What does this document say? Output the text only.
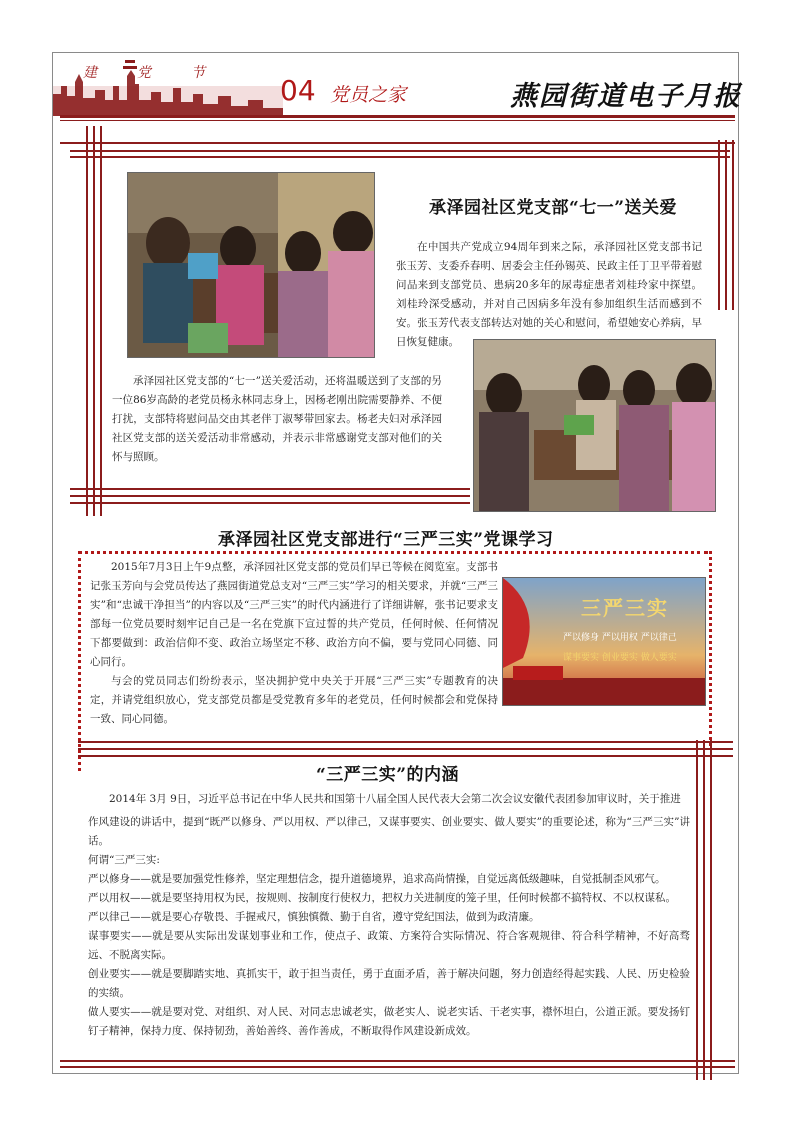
建党节
04 党员之家	燕园街道电子月报
承泽园社区党支部“七一”送关爱
在中国共产党成立94周年到来之际，承泽园社区党支部书记张玉芳、支委乔春明、居委会主任孙锡英、民政主任丁卫平带着慰问品来到支部党员、患病20多年的尿毒症患者刘桂玲家中探望。刘桂玲深受感动，并对自己因病多年没有参加组织生活而感到不安。张玉芳代表支部转达对她的关心和慰问，希望她安心养病，早日恢复健康。
承泽园社区党支部的“七一”送关爱活动，还将温暖送到了支部的另一位86岁高龄的老党员杨永林同志身上，因杨老刚出院需要静养、不便打扰，支部特将慰问品交由其老伴丁淑琴带回家去。杨老夫妇对承泽园社区党支部的送关爱活动非常感动，并表示非常感谢党支部对他们的关怀与照顾。
承泽园社区党支部进行“三严三实”党课学习
2015年7月3日上午9点整，承泽园社区党支部的党员们早已等候在阅览室。支部书记张玉芳向与会党员传达了燕园街道党总支对“三严三实”学习的相关要求，并就“三严三实”和“忠诚干净担当”的内容以及“三严三实”的时代内涵进行了详细讲解，张书记要求支部每一位党员要时刻牢记自己是一名在党旗下宣过誓的共产党员，任何时候、任何情况下都要做到：政治信仰不变、政治立场坚定不移、政治方向不偏，要与党同心同德、同心同行。
与会的党员同志们纷纷表示，坚决拥护党中央关于开展“三严三实”专题教育的决定，并请党组织放心，党支部党员都是受党教育多年的老党员，任何时候都会和党保持一致、同心同德。
三严三实
严以修身 严以用权 严以律己
谋事要实 创业要实 做人要实
“三严三实”的内涵
2014年 3月 9日，习近平总书记在中华人民共和国第十八届全国人民代表大会第二次会议安徽代表团参加审议时，关于推进
作风建设的讲话中，提到“既严以修身、严以用权、严以律己，又谋事要实、创业要实、做人要实”的重要论述，称为“三严三实”讲话。
何谓“三严三实:
严以修身——就是要加强党性修养，坚定理想信念，提升道德境界，追求高尚情操，自觉远离低级趣味，自觉抵制歪风邪气。
严以用权——就是要坚持用权为民，按规则、按制度行使权力，把权力关进制度的笼子里，任何时候都不搞特权、不以权谋私。
严以律己——就是要心存敬畏、手握戒尺，慎独慎微、勤于自省，遵守党纪国法，做到为政清廉。
谋事要实——就是要从实际出发谋划事业和工作，使点子、政策、方案符合实际情况、符合客观规律、符合科学精神，不好高骛远、不脱离实际。
创业要实——就是要脚踏实地、真抓实干，敢于担当责任，勇于直面矛盾，善于解决问题，努力创造经得起实践、人民、历史检验的实绩。
做人要实——就是要对党、对组织、对人民、对同志忠诚老实，做老实人、说老实话、干老实事，襟怀坦白，公道正派。要发扬钉钉子精神，保持力度、保持韧劲，善始善终、善作善成，不断取得作风建设新成效。
